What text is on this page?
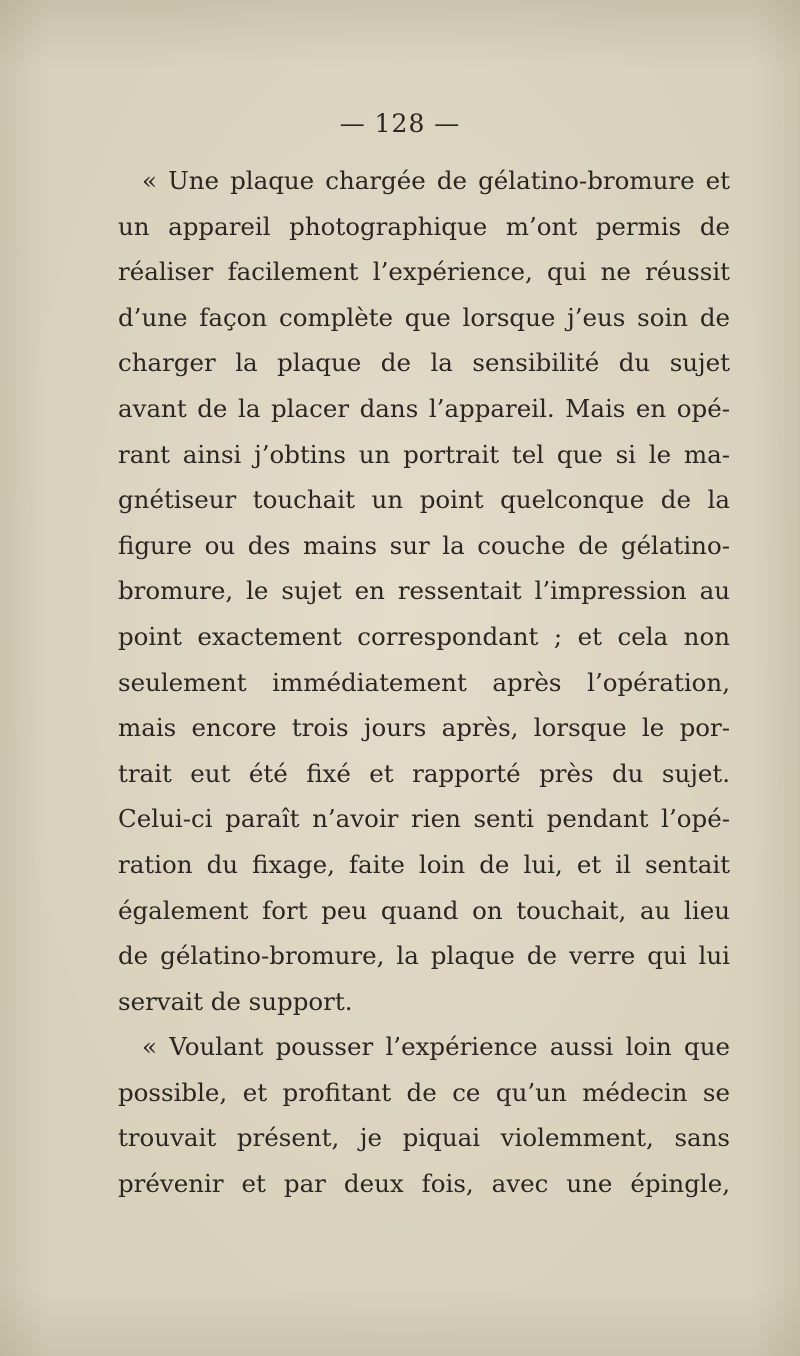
— 128 —
« Une plaque chargée de gélatino-bromure et
un appareil photographique m’ont permis de
réaliser facilement l’expérience, qui ne réussit
d’une façon complète que lorsque j’eus soin de
charger la plaque de la sensibilité du sujet
avant de la placer dans l’appareil. Mais en opé-
rant ainsi j’obtins un portrait tel que si le ma-
gnétiseur touchait un point quelconque de la
figure ou des mains sur la couche de gélatino-
bromure, le sujet en ressentait l’impression au
point exactement correspondant ; et cela non
seulement immédiatement après l’opération,
mais encore trois jours après, lorsque le por-
trait eut été fixé et rapporté près du sujet.
Celui-ci paraît n’avoir rien senti pendant l’opé-
ration du fixage, faite loin de lui, et il sentait
également fort peu quand on touchait, au lieu
de gélatino-bromure, la plaque de verre qui lui
servait de support.
« Voulant pousser l’expérience aussi loin que
possible, et profitant de ce qu’un médecin se
trouvait présent, je piquai violemment, sans
prévenir et par deux fois, avec une épingle,
